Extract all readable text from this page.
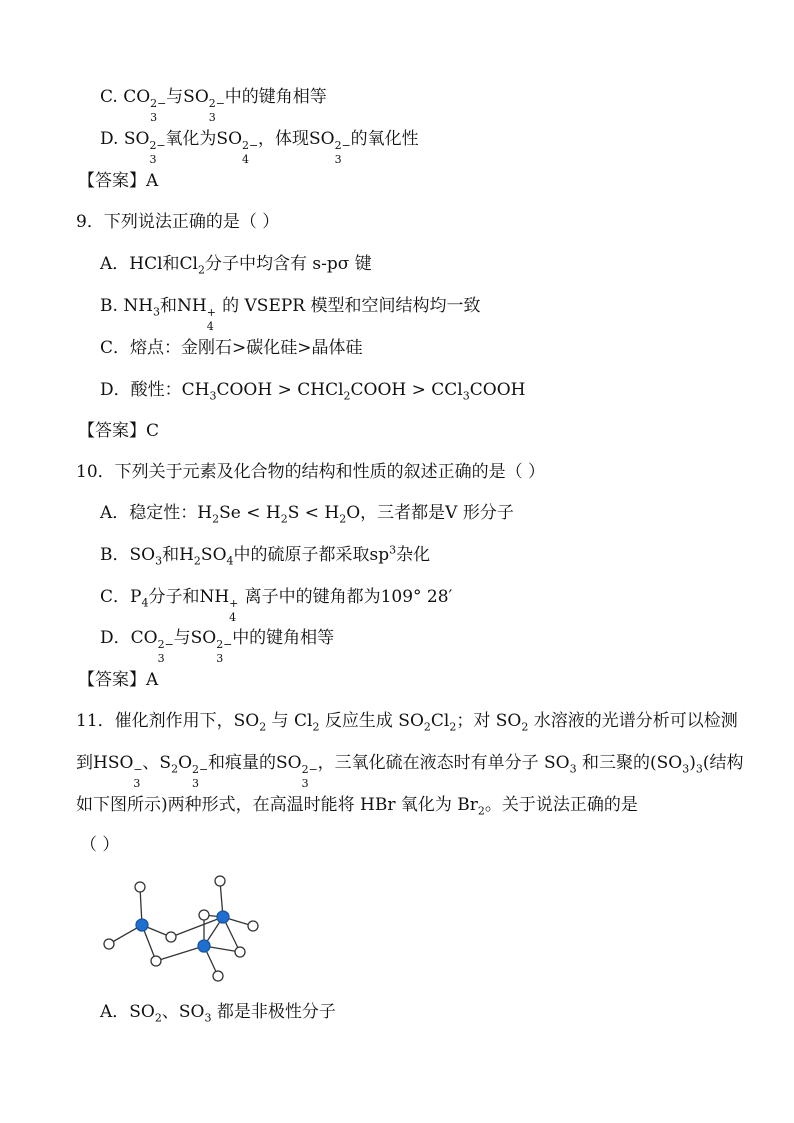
C. CO 2−
3
与SO 2−
3
中的键角相等
D. SO 2−
3
氧化为SO 2−
4
，体现SO 2−
3
的氧化性
【答案】A
9．下列说法正确的是（ ）
A．HCl和$Cl_2$分子中均含有 s-pσ 键
B. $NH_3$和NH +
4
的 VSEPR 模型和空间结构均一致
C．熔点：金刚石>碳化硅>晶体硅
D．酸性：$CH_3COOH$ > CHCl$_2$COOH > CCl$_3$COOH
【答案】C
10．下列关于元素及化合物的结构和性质的叙述正确的是（ ）
A．稳定性：$H_2Se < H_2S < H_2O$，三者都是V 形分子
B．$SO_3$和$H_2SO_4$中的硫原子都采取$sp^3$杂化
C．$P_4$分子和NH +
4
离子中的键角都为109° 28′
D．CO 2−
3
与SO 2−
3
中的键角相等
【答案】A
11．催化剂作用下，$SO_2$ 与 $Cl_2$ 反应生成 $SO_2Cl_2$；对 $SO_2$ 水溶液的光谱分析可以检测
到HSO −
3
、$S_2O$ 2−
3
和痕量的SO 2−
3
，三氧化硫在液态时有单分子 $SO_3$ 和三聚的$(SO_3)_3$(结构
如下图所示)两种形式，在高温时能将 HBr 氧化为 $Br_2$。关于说法正确的是
（ ）
A．$SO_2$、$SO_3$ 都是非极性分子
